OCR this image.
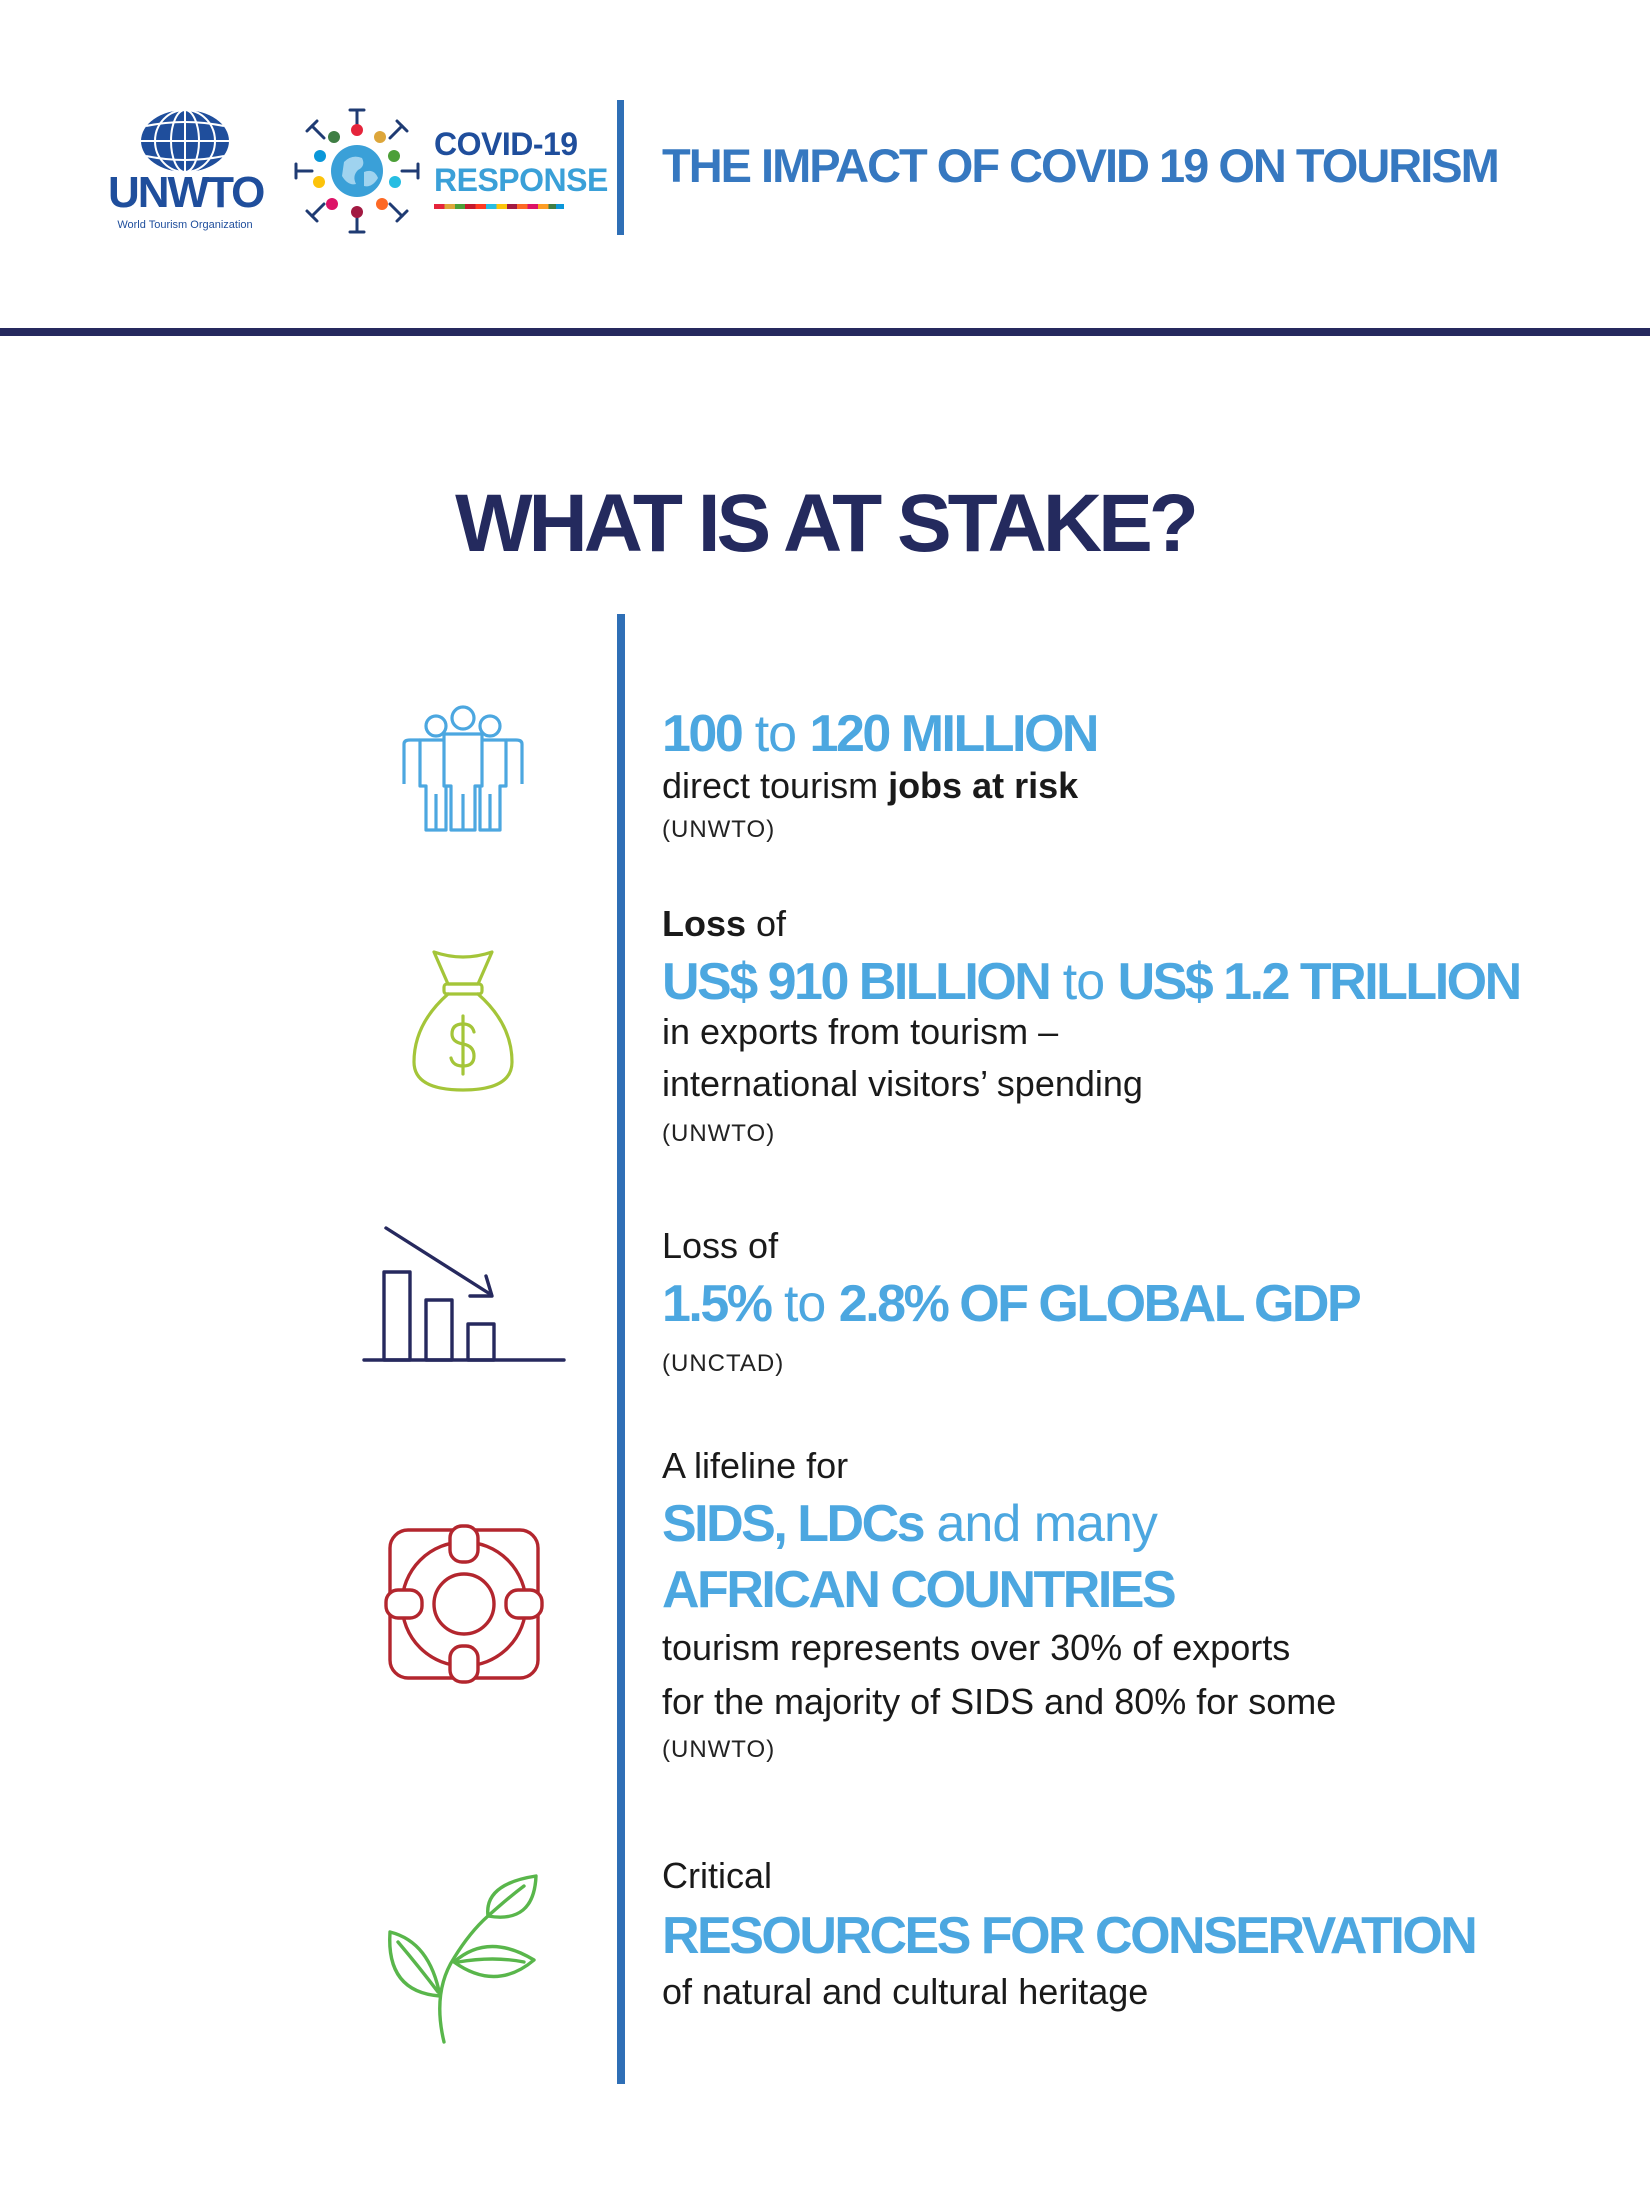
UNWTO
World Tourism Organization
COVID-19
RESPONSE THE IMPACT OF COVID 19 ON TOURISM
WHAT IS AT STAKE?
100 to 120 MILLION
direct tourism jobs at risk
(UNWTO)
Loss of
US$ 910 BILLION to US$ 1.2 TRILLION
in exports from tourism –
international visitors’ spending
(UNWTO)
Loss of
1.5% to 2.8% OF GLOBAL GDP
(UNCTAD)
A lifeline for
SIDS, LDCs and many
AFRICAN COUNTRIES
tourism represents over 30% of exports
for the majority of SIDS and 80% for some
(UNWTO)
Critical
RESOURCES FOR CONSERVATION
of natural and cultural heritage
